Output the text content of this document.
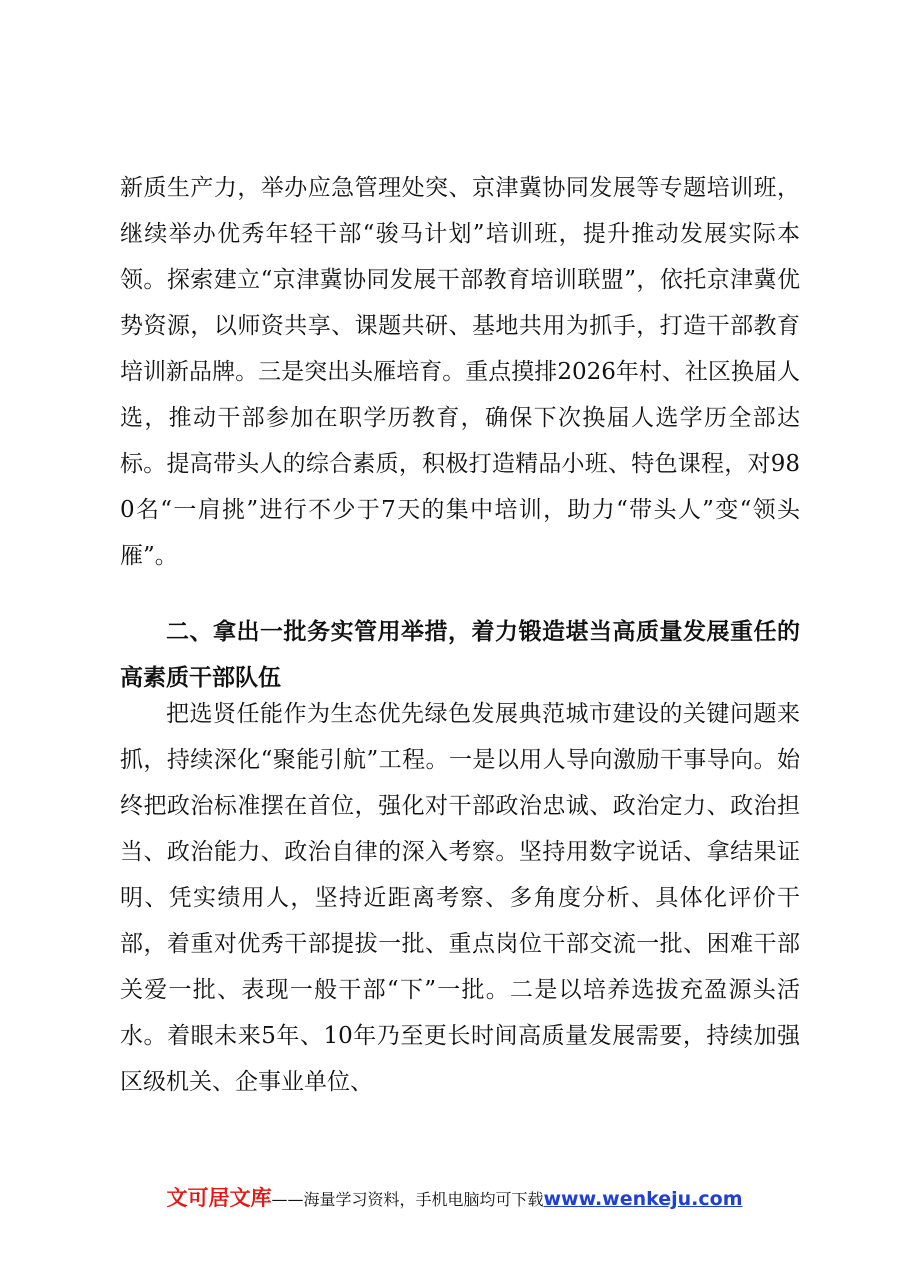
新质生产力，举办应急管理处突、京津冀协同发展等专题培训班，继续举办优秀年轻干部“骏马计划”培训班，提升推动发展实际本领。探索建立“京津冀协同发展干部教育培训联盟”，依托京津冀优势资源，以师资共享、课题共研、基地共用为抓手，打造干部教育培训新品牌。三是突出头雁培育。重点摸排2026年村、社区换届人选，推动干部参加在职学历教育，确保下次换届人选学历全部达标。提高带头人的综合素质，积极打造精品小班、特色课程，对980名“一肩挑”进行不少于7天的集中培训，助力“带头人”变“领头雁”。
二、拿出一批务实管用举措，着力锻造堪当高质量发展重任的高素质干部队伍
把选贤任能作为生态优先绿色发展典范城市建设的关键问题来抓，持续深化“聚能引航”工程。一是以用人导向激励干事导向。始终把政治标准摆在首位，强化对干部政治忠诚、政治定力、政治担当、政治能力、政治自律的深入考察。坚持用数字说话、拿结果证明、凭实绩用人，坚持近距离考察、多角度分析、具体化评价干部，着重对优秀干部提拔一批、重点岗位干部交流一批、困难干部关爱一批、表现一般干部“下”一批。二是以培养选拔充盈源头活水。着眼未来5年、10年乃至更长时间高质量发展需要，持续加强区级机关、企事业单位、
文可居文库——海量学习资料，手机电脑均可下载www.wenkeju.com
